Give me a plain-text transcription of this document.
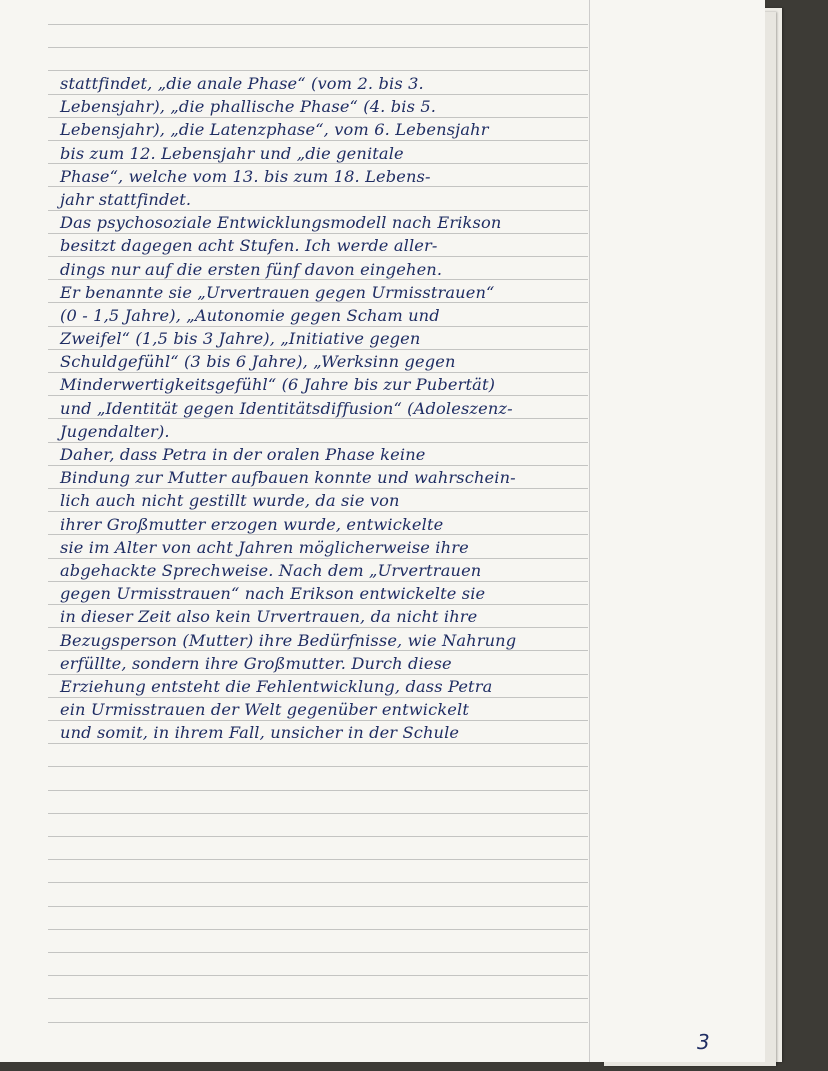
stattfindet, „die anale Phase“ (vom 2. bis 3.
Lebensjahr), „die phallische Phase“ (4. bis 5.
Lebensjahr), „die Latenzphase“, vom 6. Lebensjahr
bis zum 12. Lebensjahr und „die genitale
Phase“, welche vom 13. bis zum 18. Lebens-
jahr stattfindet.
Das psychosoziale Entwicklungsmodell nach Erikson
besitzt dagegen acht Stufen. Ich werde aller-
dings nur auf die ersten fünf davon eingehen.
Er benannte sie „Urvertrauen gegen Urmisstrauen“
(0 - 1,5 Jahre), „Autonomie gegen Scham und
Zweifel“ (1,5 bis 3 Jahre), „Initiative gegen
Schuldgefühl“ (3 bis 6 Jahre), „Werksinn gegen
Minderwertigkeitsgefühl“ (6 Jahre bis zur Pubertät)
und „Identität gegen Identitätsdiffusion“ (Adoleszenz-
Jugendalter).
Daher, dass Petra in der oralen Phase keine
Bindung zur Mutter aufbauen konnte und wahrschein-
lich auch nicht gestillt wurde, da sie von
ihrer Großmutter erzogen wurde, entwickelte
sie im Alter von acht Jahren möglicherweise ihre
abgehackte Sprechweise. Nach dem „Urvertrauen
gegen Urmisstrauen“ nach Erikson entwickelte sie
in dieser Zeit also kein Urvertrauen, da nicht ihre
Bezugsperson (Mutter) ihre Bedürfnisse, wie Nahrung
erfüllte, sondern ihre Großmutter. Durch diese
Erziehung entsteht die Fehlentwicklung, dass Petra
ein Urmisstrauen der Welt gegenüber entwickelt
und somit, in ihrem Fall, unsicher in der Schule
3
